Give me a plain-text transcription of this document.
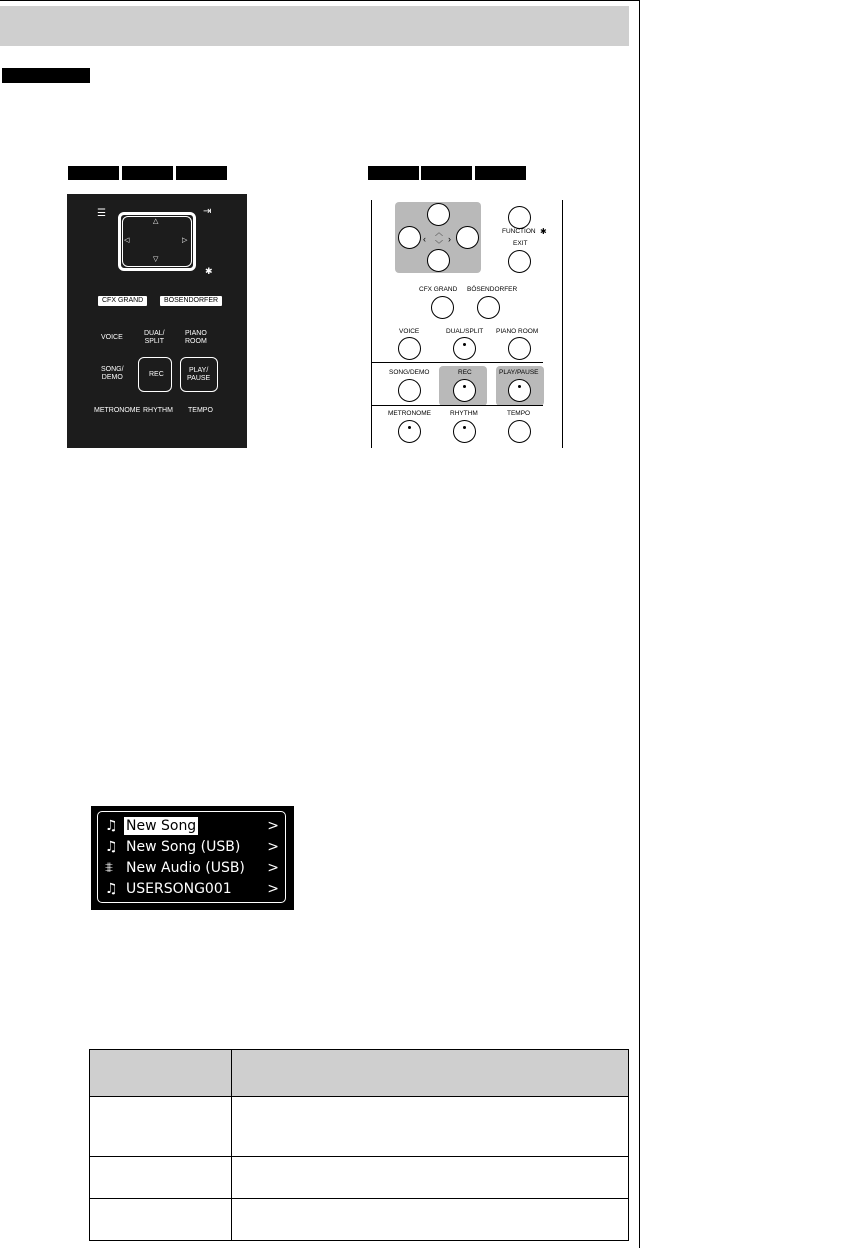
☰	⇥
△
▽
◁	▷
✱
CFX GRAND	BÖSENDORFER
VOICE
DUAL/
SPLIT
PIANO
ROOM
SONG/
DEMO	REC
PLAY/
PAUSE
METRONOME RHYTHM TEMPO
‹ ›
︿
﹀
FUNCTION ✱
EXIT
CFX GRAND BÖSENDORFER
VOICE	DUAL/SPLIT PIANO ROOM
SONG/DEMO	REC	PLAY/PAUSE
METRONOME	RHYTHM	TEMPO
'
♫ New Song	>
♫ New Song (USB) >
⩨ New Audio (USB) >
♫ USERSONG001	>
